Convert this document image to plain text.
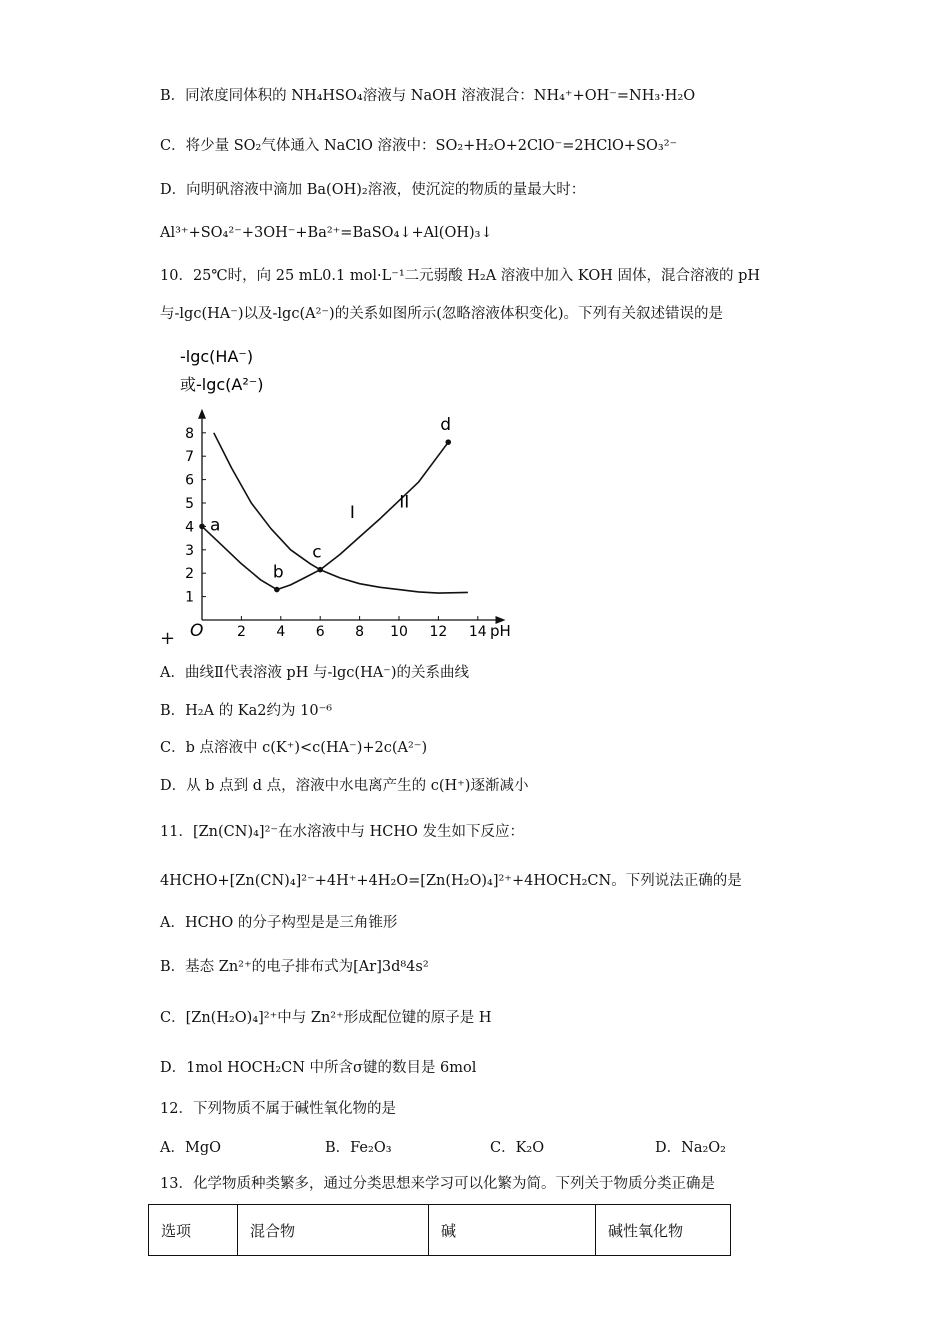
B．同浓度同体积的 NH₄HSO₄溶液与 NaOH 溶液混合：NH₄⁺+OH⁻=NH₃·H₂O
C．将少量 SO₂气体通入 NaClO 溶液中：SO₂+H₂O+2ClO⁻=2HClO+SO₃²⁻
D．向明矾溶液中滴加 Ba(OH)₂溶液，使沉淀的物质的量最大时：
Al³⁺+SO₄²⁻+3OH⁻+Ba²⁺=BaSO₄↓+Al(OH)₃↓
10．25℃时，向 25 mL0.1 mol·L⁻¹二元弱酸 H₂A 溶液中加入 KOH 固体，混合溶液的 pH
与-lgc(HA⁻)以及-lgc(A²⁻)的关系如图所示(忽略溶液体积变化)。下列有关叙述错误的是
-lgc(HA⁻)
或-lgc(A²⁻)
2 4 6 8 10 12 14
1
2
3
4
5
6
7
8
I
II
a
b
c
d
O	pH
+
A．曲线Ⅱ代表溶液 pH 与-lgc(HA⁻)的关系曲线
B．H₂A 的 Ka2约为 10⁻⁶
C．b 点溶液中 c(K⁺)<c(HA⁻)+2c(A²⁻)
D．从 b 点到 d 点，溶液中水电离产生的 c(H⁺)逐渐减小
11．[Zn(CN)₄]²⁻在水溶液中与 HCHO 发生如下反应：
4HCHO+[Zn(CN)₄]²⁻+4H⁺+4H₂O=[Zn(H₂O)₄]²⁺+4HOCH₂CN。下列说法正确的是
A．HCHO 的分子构型是是三角锥形
B．基态 Zn²⁺的电子排布式为[Ar]3d⁸4s²
C．[Zn(H₂O)₄]²⁺中与 Zn²⁺形成配位键的原子是 H
D．1mol HOCH₂CN 中所含σ键的数目是 6mol
12．下列物质不属于碱性氧化物的是
A．MgO	B．Fe₂O₃	C．K₂O	D．Na₂O₂
13．化学物质种类繁多，通过分类思想来学习可以化繁为简。下列关于物质分类正确是
选项	混合物	碱	碱性氧化物
